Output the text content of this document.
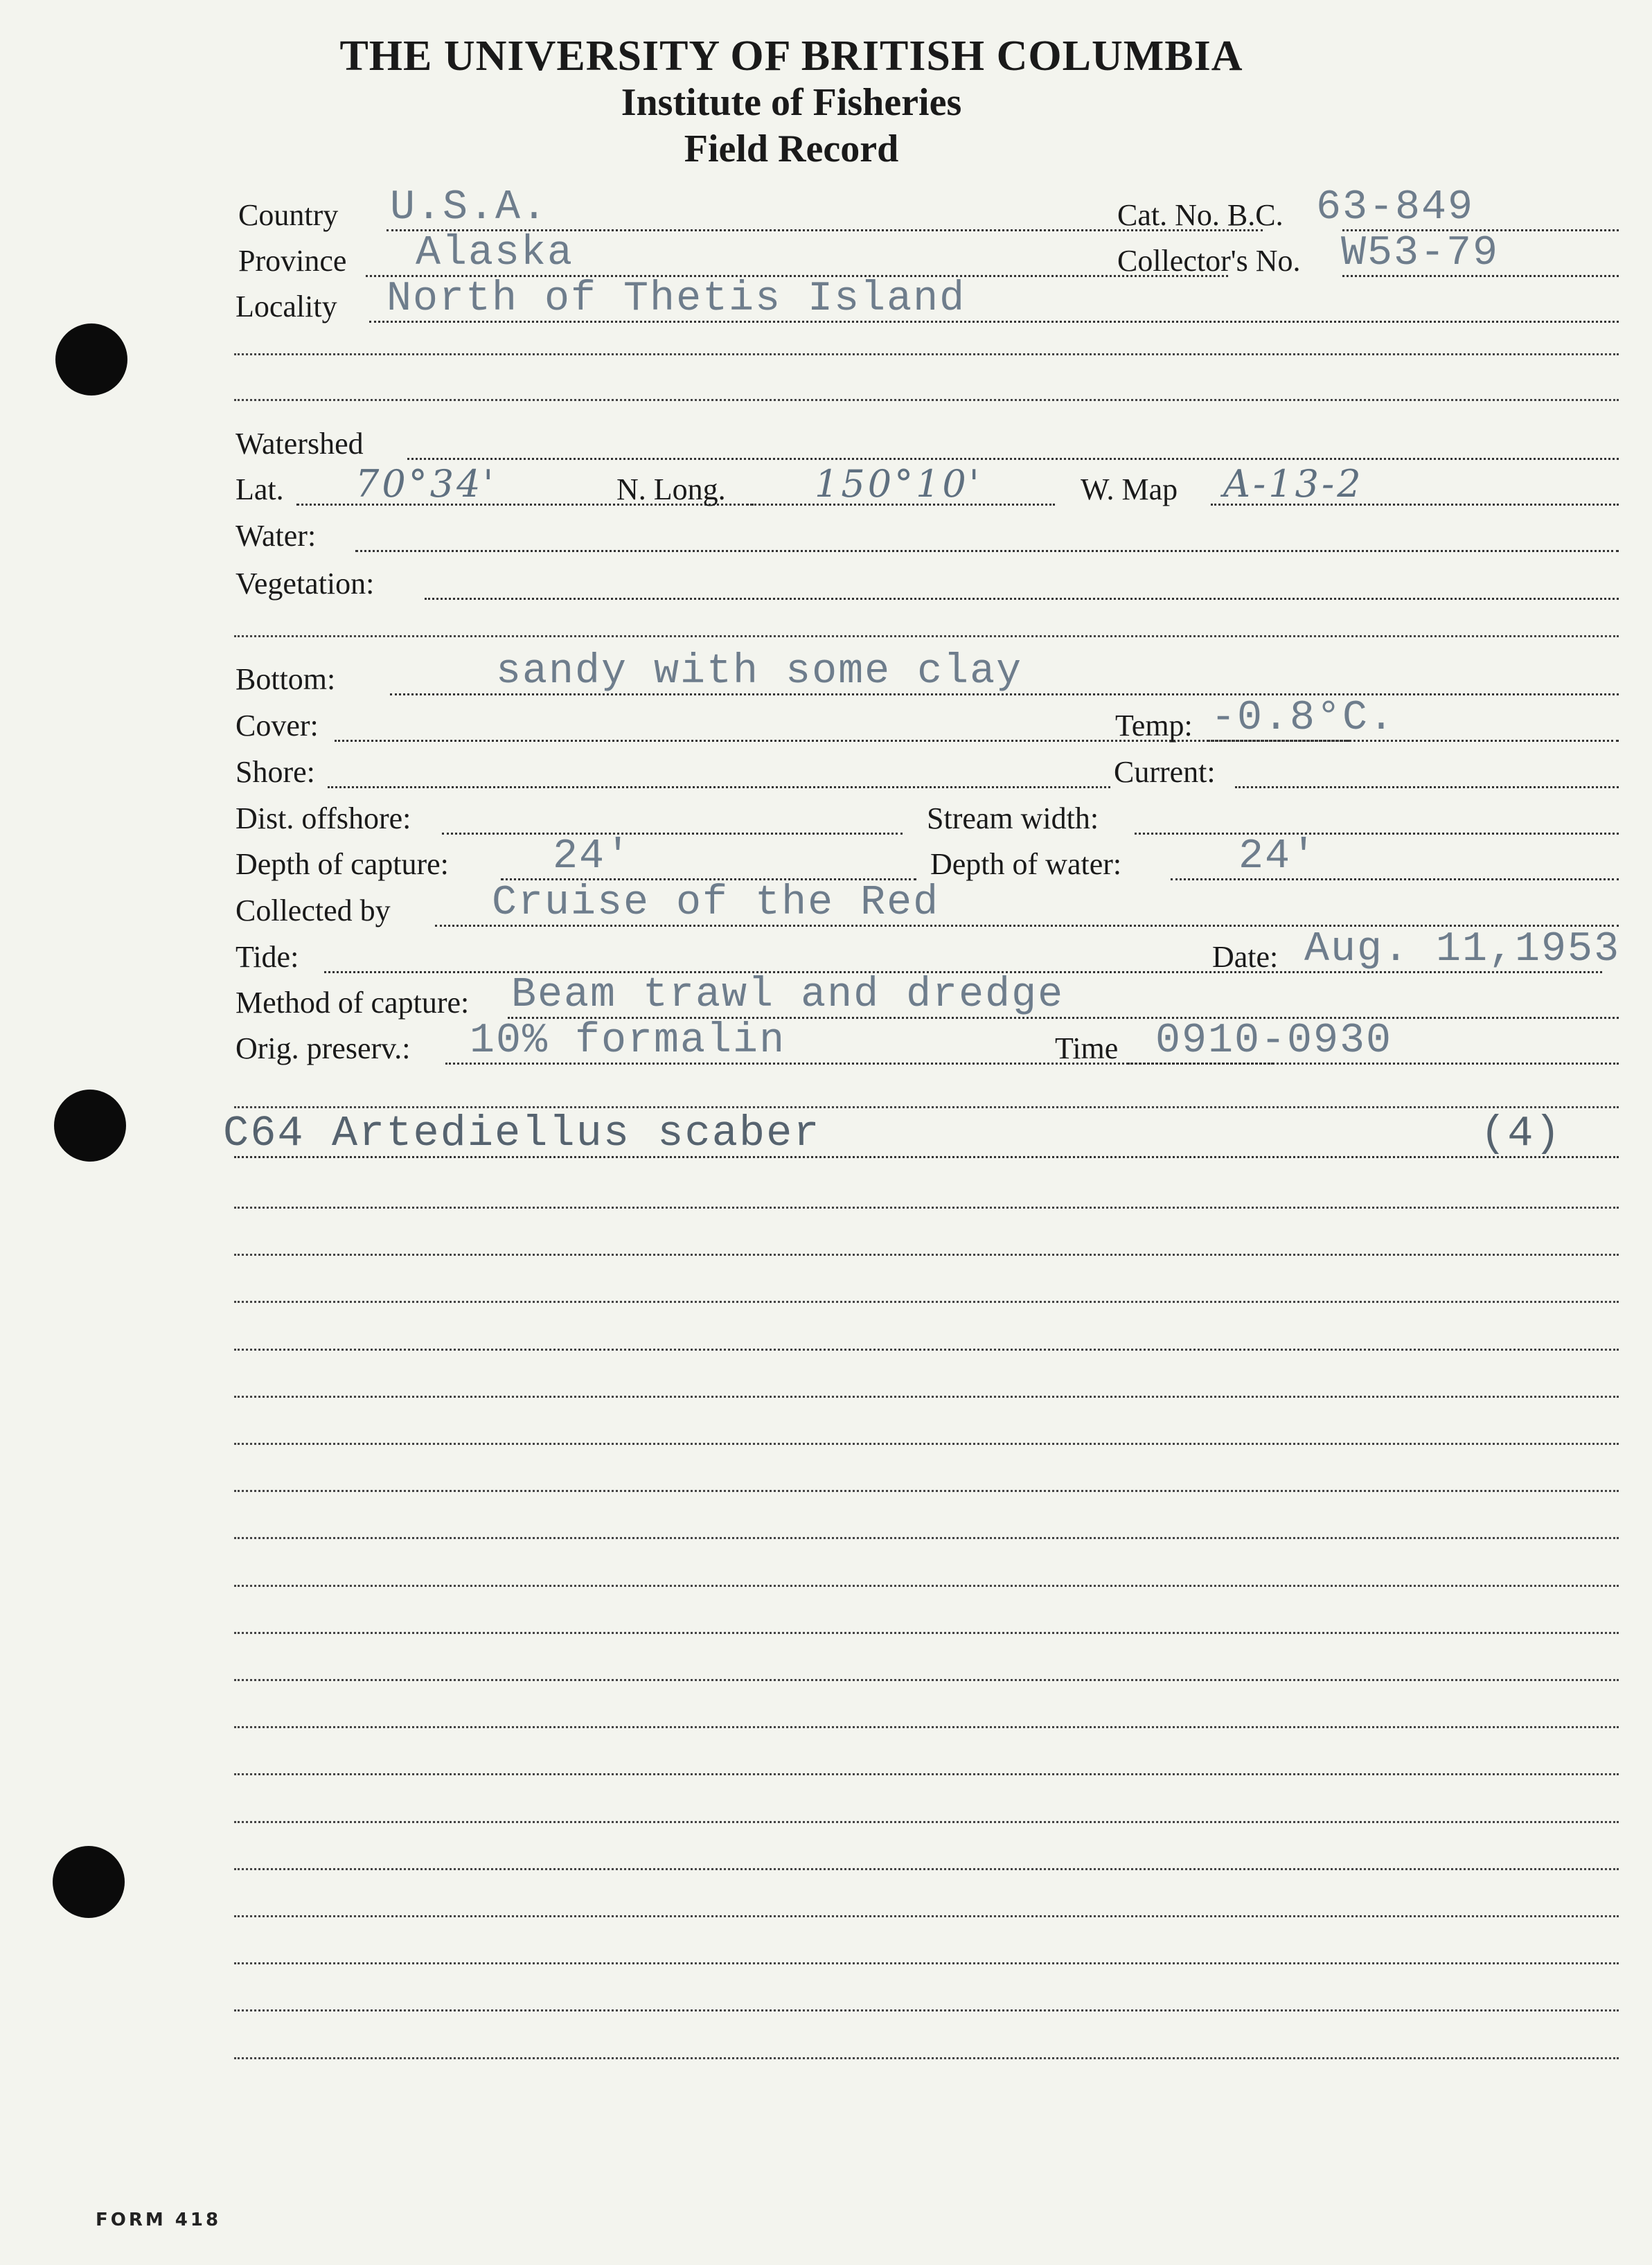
THE UNIVERSITY OF BRITISH COLUMBIA
Institute of Fisheries
Field Record
Country U.S.A.	Cat. No. B.C. 63-849
Province Alaska	Collector's No. W53-79
Locality North of Thetis Island
Watershed
Lat. 70°34'	N. Long. 150°10'	W. Map A-13-2
Water:
Vegetation:
Bottom:	sandy with some clay
Cover:	Temp: -0.8°C.
Shore:	Current:
Dist. offshore:	Stream width:
Depth of capture:	24'	Depth of water:	24'
Collected by Cruise of the Red
Tide:	Date: Aug. 11,1953
Method of capture: Beam trawl and dredge
Orig. preserv.: 10% formalin	Time 0910-0930
C64 Artediellus scaber	(4)
FORM 418
